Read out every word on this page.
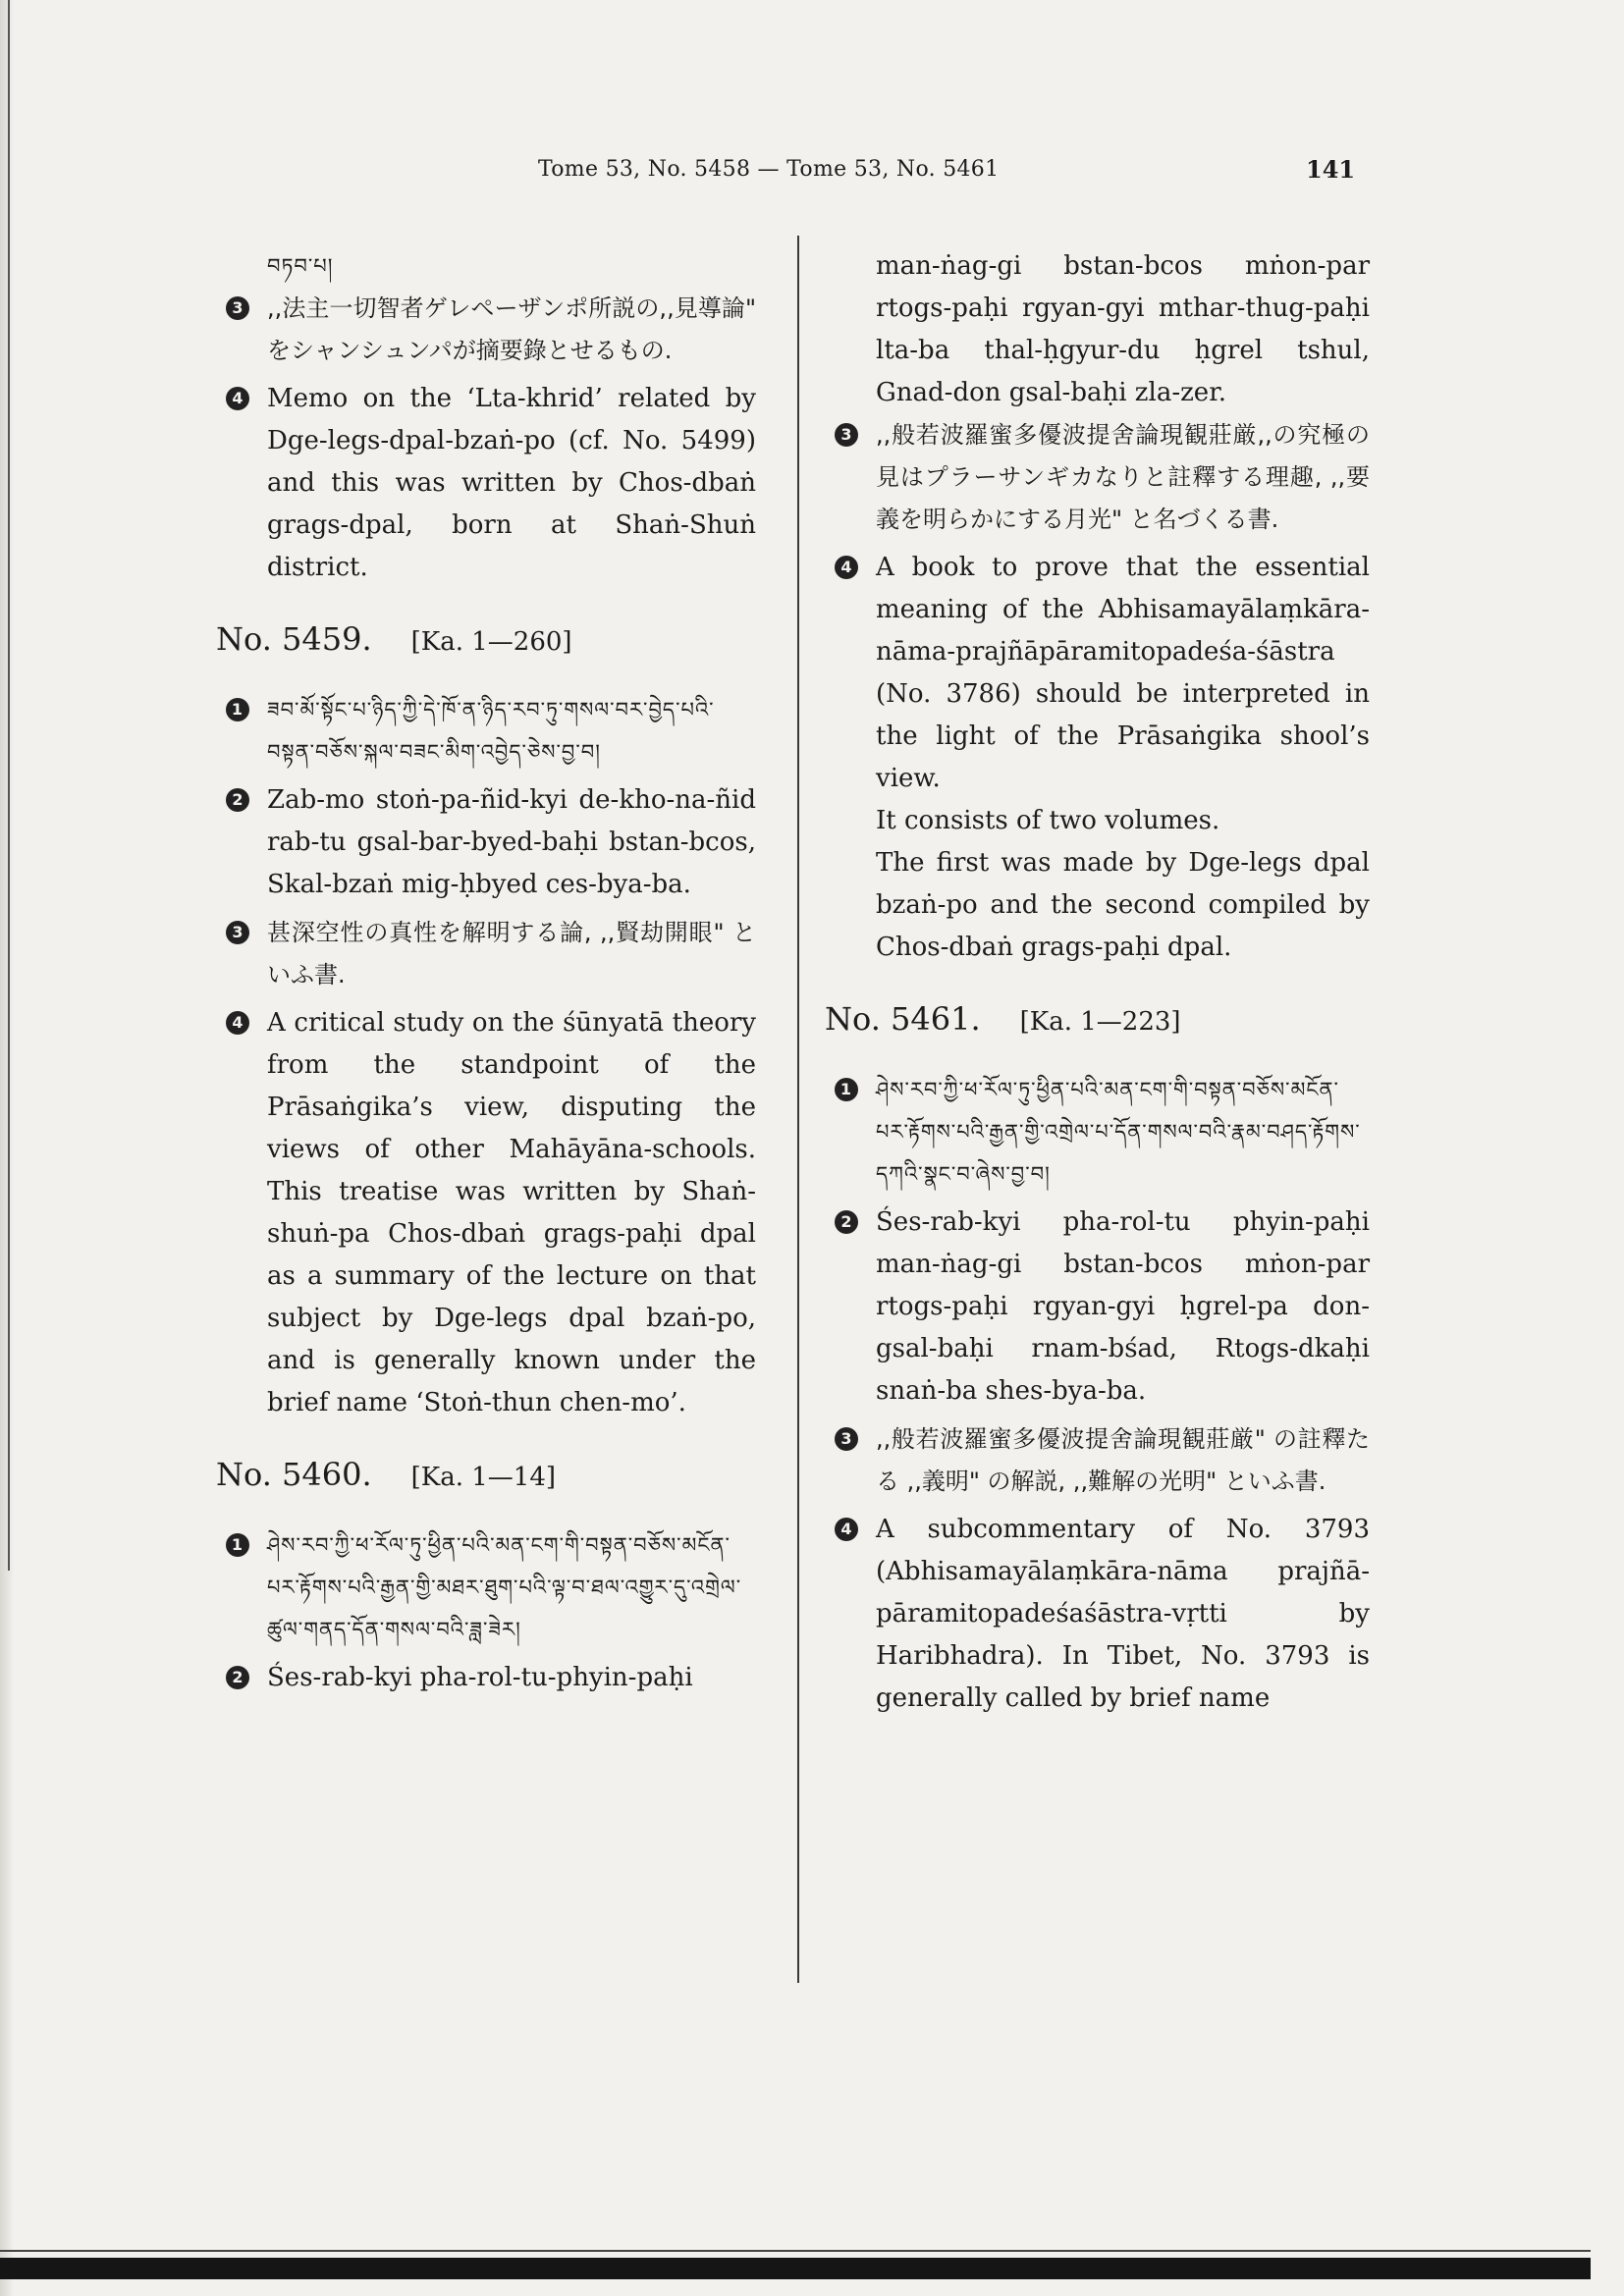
Tome 53, No. 5458 — Tome 53, No. 5461	141
བཏབ་པ།

3 ,,法主一切智者ゲレペーザンポ所説の,,見導論" をシャンシュンパが摘要錄とせるもの.

4 Memo on the ‘Lta-khrid’ related by Dge-legs-dpal-bzaṅ-po (cf. No. 5499) and this was written by Chos-dbaṅ grags-dpal, born at Shaṅ-Shuṅ district.

No. 5459. [Ka. 1—260]

1 ཟབ་མོ་སྟོང་པ་ཉིད་ཀྱི་དེ་ཁོ་ན་ཉིད་རབ་ཏུ་གསལ་བར་བྱེད་པའི་བསྟན་བཅོས་སྐལ་བཟང་མིག་འབྱེད་ཅེས་བྱ་བ།

2 Zab-mo stoṅ-pa-ñid-kyi de-kho-na-ñid rab-tu gsal-bar-byed-baḥi bstan-bcos, Skal-bzaṅ mig-ḥbyed ces-bya-ba.

3 甚深空性の真性を解明する論, ,,賢劫開眼" といふ書.

4 A critical study on the śūnyatā theory from the standpoint of the Prāsaṅgika’s view, disputing the views of other Mahāyāna-schools. This treatise was written by Shaṅ-shuṅ-pa Chos-dbaṅ grags-paḥi dpal as a summary of the lecture on that subject by Dge-legs dpal bzaṅ-po, and is generally known under the brief name ‘Stoṅ-thun chen-mo’.

No. 5460. [Ka. 1—14]

1 ཤེས་རབ་ཀྱི་ཕ་རོལ་ཏུ་ཕྱིན་པའི་མན་ངག་གི་བསྟན་བཅོས་མངོན་པར་རྟོགས་པའི་རྒྱན་གྱི་མཐར་ཐུག་པའི་ལྟ་བ་ཐལ་འགྱུར་དུ་འགྲེལ་ཚུལ་གནད་དོན་གསལ་བའི་ཟླ་ཟེར།

2 Śes-rab-kyi pha-rol-tu-phyin-paḥi

man-ṅag-gi bstan-bcos mṅon-par rtogs-paḥi rgyan-gyi mthar-thug-paḥi lta-ba thal-ḥgyur-du ḥgrel tshul, Gnad-don gsal-baḥi zla-zer.

3 ,,般若波羅蜜多優波提舍論現観莊厳,,の究極の見はプラーサンギカなりと註釋する理趣, ,,要義を明らかにする月光" と名づくる書.

4 A book to prove that the essential meaning of the Abhisamayālaṃkāra-nāma-prajñāpāramitopadeśa-śāstra (No. 3786) should be interpreted in the light of the Prāsaṅgika shool’s view.

It consists of two volumes.
The first was made by Dge-legs dpal bzaṅ-po and the second compiled by Chos-dbaṅ grags-paḥi dpal.
No. 5461. [Ka. 1—223]

1 ཤེས་རབ་ཀྱི་ཕ་རོལ་ཏུ་ཕྱིན་པའི་མན་ངག་གི་བསྟན་བཅོས་མངོན་པར་རྟོགས་པའི་རྒྱན་གྱི་འགྲེལ་པ་དོན་གསལ་བའི་རྣམ་བཤད་རྟོགས་དཀའི་སྣང་བ་ཞེས་བྱ་བ།

2 Śes-rab-kyi pha-rol-tu phyin-paḥi man-ṅag-gi bstan-bcos mṅon-par rtogs-paḥi rgyan-gyi ḥgrel-pa don-gsal-baḥi rnam-bśad, Rtogs-dkaḥi snaṅ-ba shes-bya-ba.

3 ,,般若波羅蜜多優波提舍論現観莊厳" の註釋たる ,,義明" の解説, ,,難解の光明" といふ書.

4 A subcommentary of No. 3793 (Abhisamayālaṃkāra-nāma prajñā-pāramitopadeśaśāstra-vṛtti by Haribhadra). In Tibet, No. 3793 is generally called by brief name
